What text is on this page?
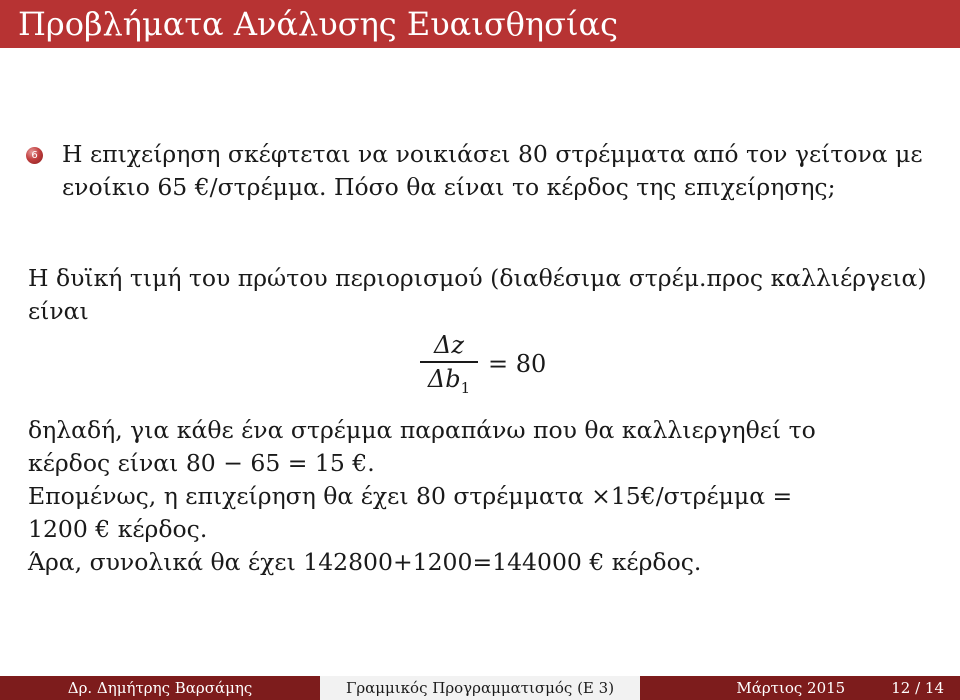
Προβλήματα Ανάλυσης Ευαισθησίας
6 Η επιχείρηση σκέφτεται να νοικιάσει 80 στρέμματα από τον γείτονα με ενοίκιο 65 €/στρέμμα. Πόσο θα είναι το κέρδος της επιχείρησης;
Η δυϊκή τιμή του πρώτου περιορισμού (διαθέσιμα στρέμ.προς καλλιέργεια) είναι
$\frac{\Delta z}{\Delta b_1} = 80$
δηλαδή, για κάθε ένα στρέμμα παραπάνω που θα καλλιεργηθεί το
κέρδος είναι 80 − 65 = 15 €.
Επομένως, η επιχείρηση θα έχει 80 στρέμματα ×15€/στρέμμα =
1200 € κέρδος.
Άρα, συνολικά θα έχει 142800+1200=144000 € κέρδος.
Δρ. Δημήτρης Βαρσάμης	Γραμμικός Προγραμματισμός (Ε 3)	Μάρτιος 2015	12 / 14
